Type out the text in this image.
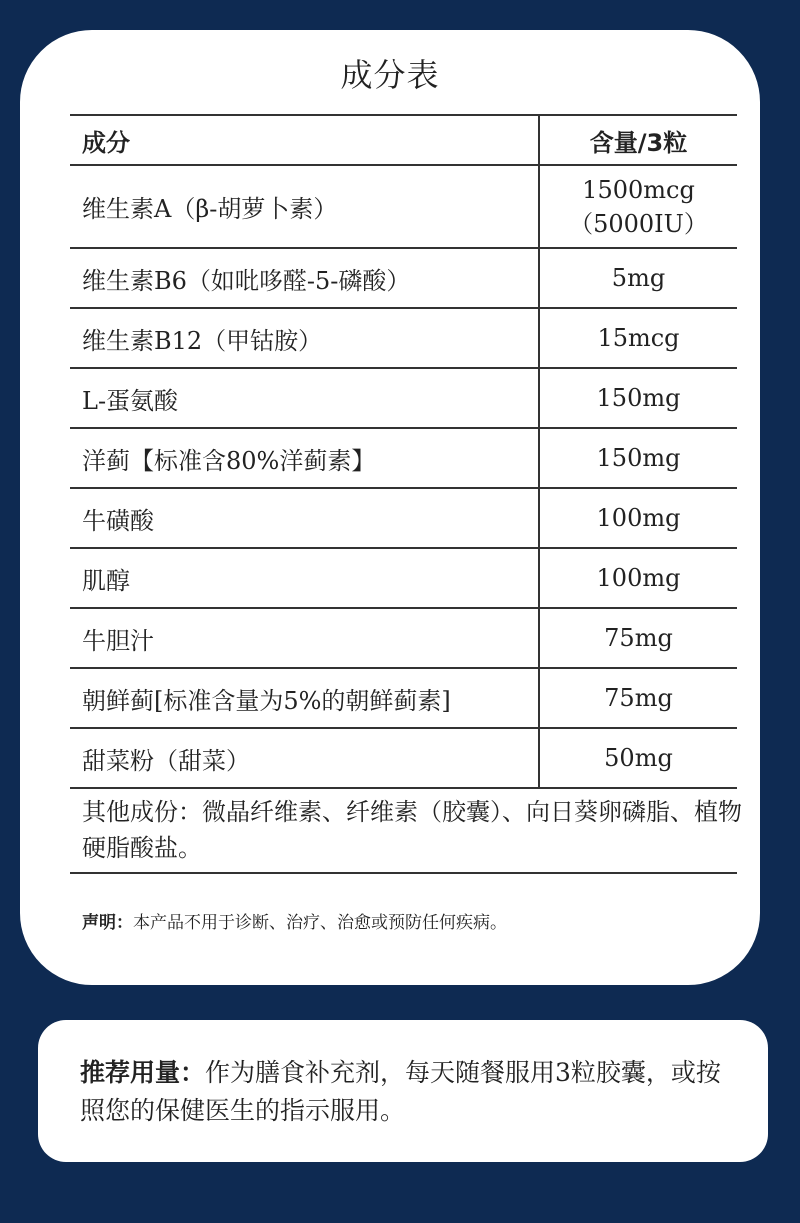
成分表
成分	含量/3粒
维生素A（β-胡萝卜素）	1500mcg
（5000IU）

维生素B6（如吡哆醛-5-磷酸）	5mg
维生素B12（甲钴胺）	15mcg
L-蛋氨酸	150mg
洋蓟【标准含80%洋蓟素】	150mg
牛磺酸	100mg
肌醇	100mg
牛胆汁	75mg
朝鲜蓟[标准含量为5%的朝鲜蓟素]	75mg
甜菜粉（甜菜）	50mg
其他成份：微晶纤维素、纤维素（胶囊）、向日葵卵磷脂、植物硬脂酸盐。
声明：本产品不用于诊断、治疗、治愈或预防任何疾病。
推荐用量：作为膳食补充剂，每天随餐服用3粒胶囊，或按照您的保健医生的指示服用。
